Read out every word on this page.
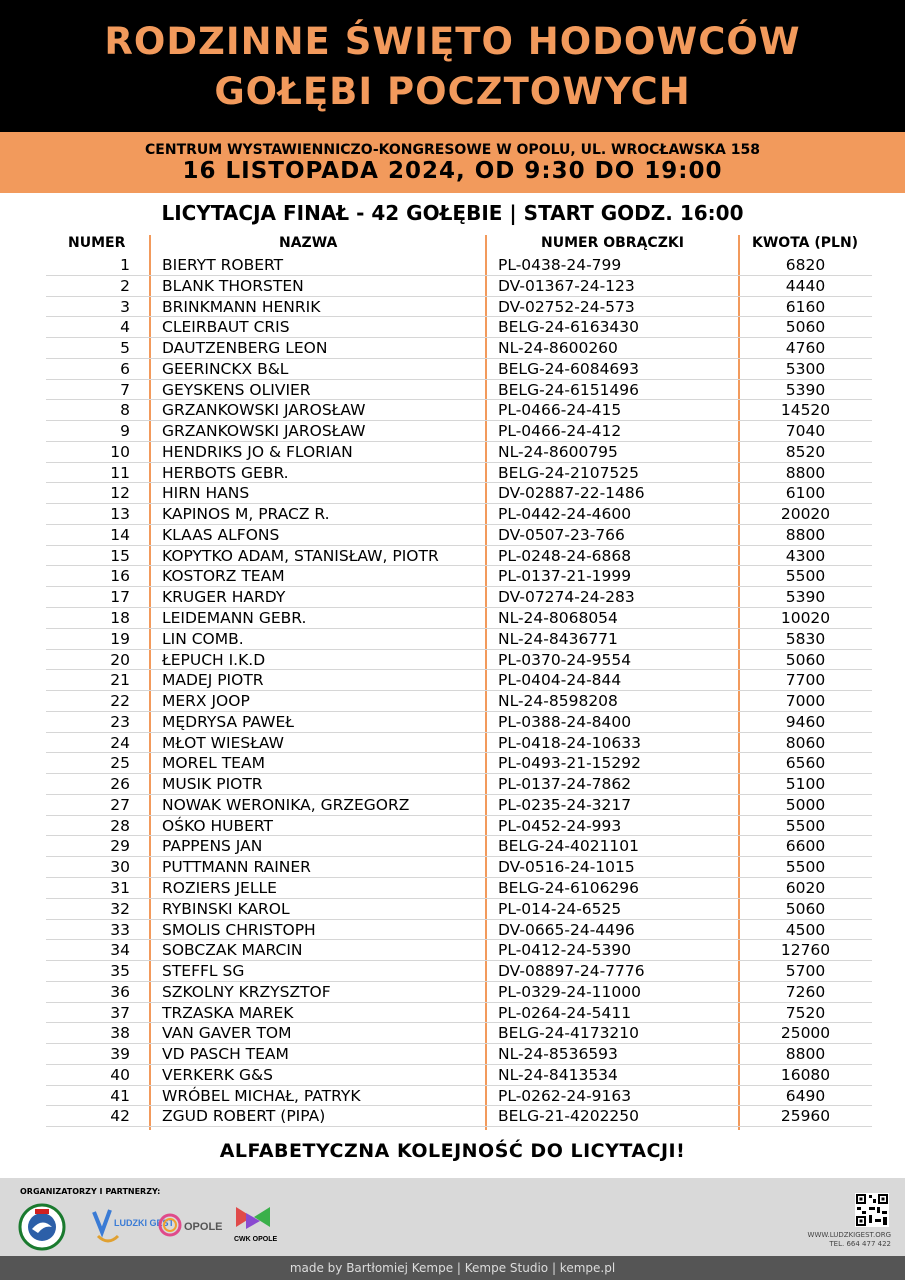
RODZINNE ŚWIĘTO HODOWCÓW
GOŁĘBI POCZTOWYCH
CENTRUM WYSTAWIENNICZO-KONGRESOWE W OPOLU, UL. WROCŁAWSKA 158
16 LISTOPADA 2024, OD 9:30 DO 19:00
LICYTACJA FINAŁ - 42 GOŁĘBIE | START GODZ. 16:00
NUMER	NAZWA	NUMER OBRĄCZKI	KWOTA (PLN)
1 BIERYT ROBERT	PL-0438-24-799	6820
2 BLANK THORSTEN	DV-01367-24-123	4440
3 BRINKMANN HENRIK	DV-02752-24-573	6160
4 CLEIRBAUT CRIS	BELG-24-6163430	5060
5 DAUTZENBERG LEON	NL-24-8600260	4760
6 GEERINCKX B&L	BELG-24-6084693	5300
7 GEYSKENS OLIVIER	BELG-24-6151496	5390
8 GRZANKOWSKI JAROSŁAW	PL-0466-24-415	14520
9 GRZANKOWSKI JAROSŁAW	PL-0466-24-412	7040
10 HENDRIKS JO & FLORIAN	NL-24-8600795	8520
11 HERBOTS GEBR.	BELG-24-2107525	8800
12 HIRN HANS	DV-02887-22-1486	6100
13 KAPINOS M, PRACZ R.	PL-0442-24-4600	20020
14 KLAAS ALFONS	DV-0507-23-766	8800
15 KOPYTKO ADAM, STANISŁAW, PIOTR	PL-0248-24-6868	4300
16 KOSTORZ TEAM	PL-0137-21-1999	5500
17 KRUGER HARDY	DV-07274-24-283	5390
18 LEIDEMANN GEBR.	NL-24-8068054	10020
19 LIN COMB.	NL-24-8436771	5830
20 ŁEPUCH I.K.D	PL-0370-24-9554	5060
21 MADEJ PIOTR	PL-0404-24-844	7700
22 MERX JOOP	NL-24-8598208	7000
23 MĘDRYSA PAWEŁ	PL-0388-24-8400	9460
24 MŁOT WIESŁAW	PL-0418-24-10633	8060
25 MOREL TEAM	PL-0493-21-15292	6560
26 MUSIK PIOTR	PL-0137-24-7862	5100
27 NOWAK WERONIKA, GRZEGORZ	PL-0235-24-3217	5000
28 OŚKO HUBERT	PL-0452-24-993	5500
29 PAPPENS JAN	BELG-24-4021101	6600
30 PUTTMANN RAINER	DV-0516-24-1015	5500
31 ROZIERS JELLE	BELG-24-6106296	6020
32 RYBINSKI KAROL	PL-014-24-6525	5060
33 SMOLIS CHRISTOPH	DV-0665-24-4496	4500
34 SOBCZAK MARCIN	PL-0412-24-5390	12760
35 STEFFL SG	DV-08897-24-7776	5700
36 SZKOLNY KRZYSZTOF	PL-0329-24-11000	7260
37 TRZASKA MAREK	PL-0264-24-5411	7520
38 VAN GAVER TOM	BELG-24-4173210	25000
39 VD PASCH TEAM	NL-24-8536593	8800
40 VERKERK G&S	NL-24-8413534	16080
41 WRÓBEL MICHAŁ, PATRYK	PL-0262-24-9163	6490
42 ZGUD ROBERT (PIPA)	BELG-21-4202250	25960
ALFABETYCZNA KOLEJNOŚĆ DO LICYTACJI!
ORGANIZATORZY I PARTNERZY:
LUDZKI GEST OPOLE
CWK OPOLE
WWW.LUDZKIGEST.ORG
TEL. 664 477 422
made by Bartłomiej Kempe | Kempe Studio | kempe.pl
